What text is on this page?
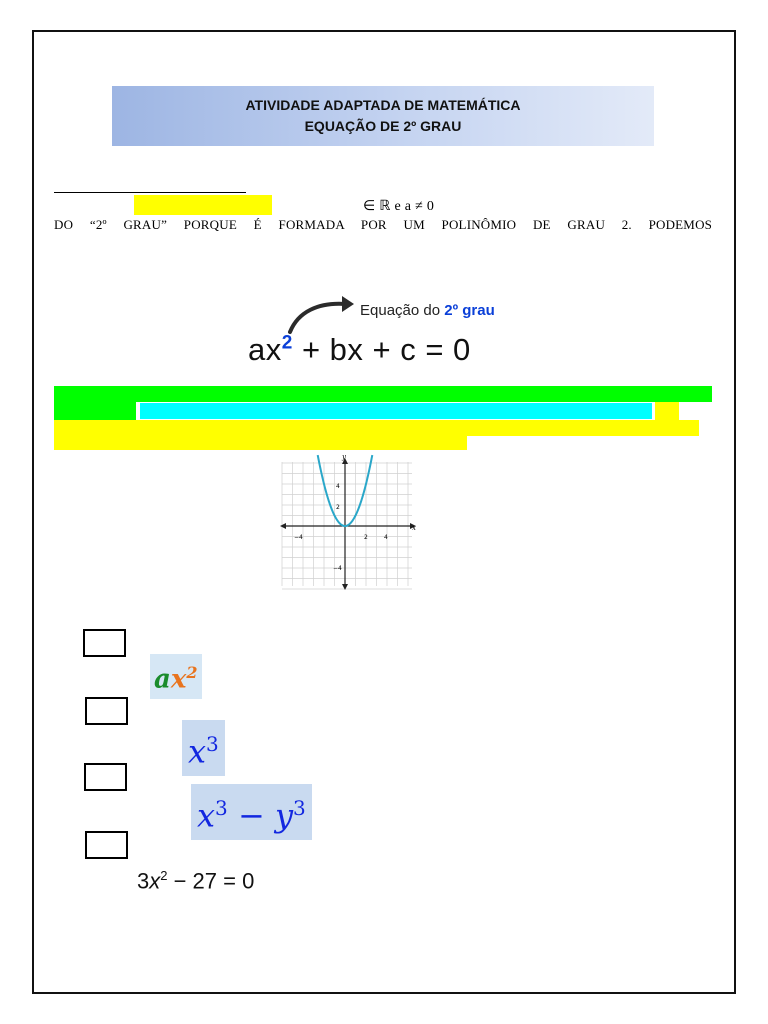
ATIVIDADE ADAPTADA DE MATEMÁTICA
EQUAÇÃO DE 2º GRAU
∈ ℝ e a ≠ 0
DO “2º GRAU” PORQUE É FORMADA POR UM POLINÔMIO DE GRAU 2. PODEMOS
Equação do 2º grau
$ax^2$ + bx + c = 0
x
y
−4	2	4
4
2
−4
$ax^2$
$x^3$
$x^3 - y^3$
$3x^2 - 27 = 0$
